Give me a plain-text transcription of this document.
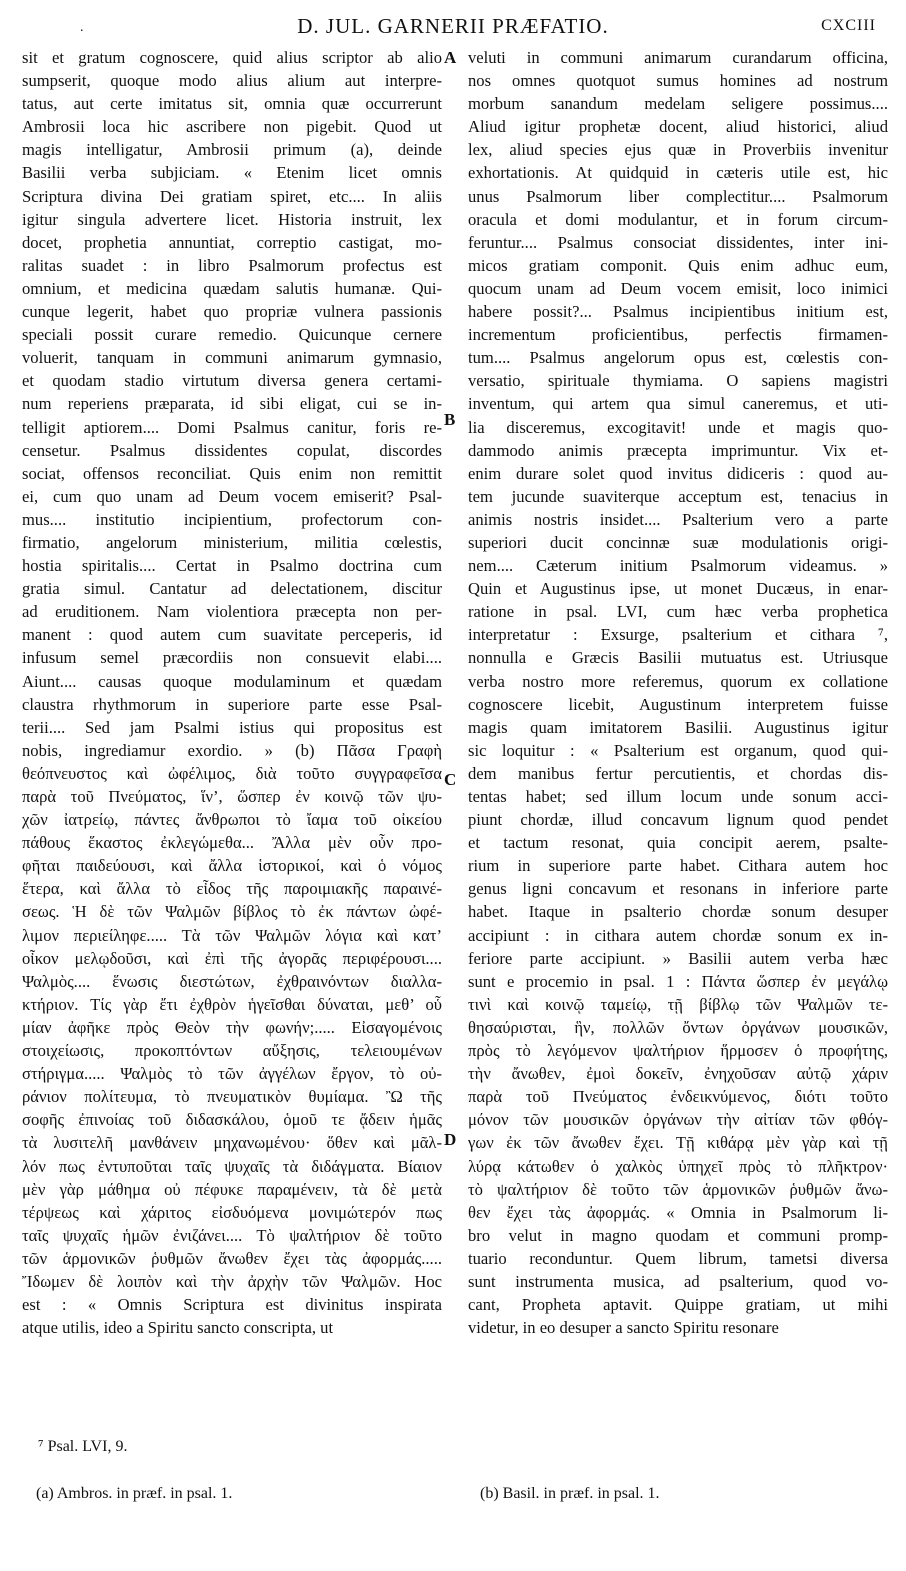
.	D. JUL. GARNERII PRÆFATIO.	CXCIII
sit et gratum cognoscere, quid alius scriptor ab alio
sumpserit, quoque modo alius alium aut interpre-
tatus, aut certe imitatus sit, omnia quæ occurrerunt
Ambrosii loca hic ascribere non pigebit. Quod ut
magis intelligatur, Ambrosii primum (a), deinde
Basilii verba subjiciam. « Etenim licet omnis
Scriptura divina Dei gratiam spiret, etc.... In aliis
igitur singula advertere licet. Historia instruit, lex
docet, prophetia annuntiat, correptio castigat, mo-
ralitas suadet : in libro Psalmorum profectus est
omnium, et medicina quædam salutis humanæ. Qui-
cunque legerit, habet quo propriæ vulnera passionis
speciali possit curare remedio. Quicunque cernere
voluerit, tanquam in communi animarum gymnasio,
et quodam stadio virtutum diversa genera certami-
num reperiens præparata, id sibi eligat, cui se in-
telligit aptiorem.... Domi Psalmus canitur, foris re-
censetur. Psalmus dissidentes copulat, discordes
sociat, offensos reconciliat. Quis enim non remittit
ei, cum quo unam ad Deum vocem emiserit? Psal-
mus.... institutio incipientium, profectorum con-
firmatio, angelorum ministerium, militia cœlestis,
hostia spiritalis.... Certat in Psalmo doctrina cum
gratia simul. Cantatur ad delectationem, discitur
ad eruditionem. Nam violentiora præcepta non per-
manent : quod autem cum suavitate perceperis, id
infusum semel præcordiis non consuevit elabi....
Aiunt.... causas quoque modulaminum et quædam
claustra rhythmorum in superiore parte esse Psal-
terii.... Sed jam Psalmi istius qui propositus est
nobis, ingrediamur exordio. » (b) Πᾶσα Γραφὴ
θεόπνευστος καὶ ὠφέλιμος, διὰ τοῦτο συγγραφεῖσα
παρὰ τοῦ Πνεύματος, ἵν’, ὥσπερ ἐν κοινῷ τῶν ψυ-
χῶν ἰατρείῳ, πάντες ἄνθρωποι τὸ ἴαμα τοῦ οἰκείου
πάθους ἕκαστος ἐκλεγώμεθα... Ἄλλα μὲν οὖν προ-
φῆται παιδεύουσι, καὶ ἄλλα ἱστορικοί, καὶ ὁ νόμος
ἕτερα, καὶ ἄλλα τὸ εἶδος τῆς παροιμιακῆς παραινέ-
σεως. Ἡ δὲ τῶν Ψαλμῶν βίβλος τὸ ἐκ πάντων ὠφέ-
λιμον περιείληφε..... Τὰ τῶν Ψαλμῶν λόγια καὶ κατ’
οἶκον μελῳδοῦσι, καὶ ἐπὶ τῆς ἀγορᾶς περιφέρουσι....
Ψαλμὸς.... ἕνωσις διεστώτων, ἐχθραινόντων διαλλα-
κτήριον. Τίς γὰρ ἔτι ἐχθρὸν ἡγεῖσθαι δύναται, μεθ’ οὗ
μίαν ἀφῆκε πρὸς Θεὸν τὴν φωνήν;..... Εἰσαγομένοις
στοιχείωσις, προκοπτόντων αὔξησις, τελειουμένων
στήριγμα..... Ψαλμὸς τὸ τῶν ἀγγέλων ἔργον, τὸ οὐ-
ράνιον πολίτευμα, τὸ πνευματικὸν θυμίαμα. Ὢ τῆς
σοφῆς ἐπινοίας τοῦ διδασκάλου, ὁμοῦ τε ᾄδειν ἡμᾶς
τὰ λυσιτελῆ μανθάνειν μηχανωμένου· ὅθεν καὶ μᾶλ-
λόν πως ἐντυποῦται ταῖς ψυχαῖς τὰ διδάγματα. Βίαιον
μὲν γὰρ μάθημα οὐ πέφυκε παραμένειν, τὰ δὲ μετὰ
τέρψεως καὶ χάριτος εἰσδυόμενα μονιμώτερόν πως
ταῖς ψυχαῖς ἡμῶν ἐνιζάνει.... Τὸ ψαλτήριον δὲ τοῦτο
τῶν ἁρμονικῶν ῥυθμῶν ἄνωθεν ἔχει τὰς ἀφορμάς.....
Ἴδωμεν δὲ λοιπὸν καὶ τὴν ἀρχὴν τῶν Ψαλμῶν. Hoc
est : « Omnis Scriptura est divinitus inspirata
atque utilis, ideo a Spiritu sancto conscripta, ut
veluti in communi animarum curandarum officina,
nos omnes quotquot sumus homines ad nostrum
morbum sanandum medelam seligere possimus....
Aliud igitur prophetæ docent, aliud historici, aliud
lex, aliud species ejus quæ in Proverbiis invenitur
exhortationis. At quidquid in cæteris utile est, hic
unus Psalmorum liber complectitur.... Psalmorum
oracula et domi modulantur, et in forum circum-
feruntur.... Psalmus consociat dissidentes, inter ini-
micos gratiam componit. Quis enim adhuc eum,
quocum unam ad Deum vocem emisit, loco inimici
habere possit?... Psalmus incipientibus initium est,
incrementum proficientibus, perfectis firmamen-
tum.... Psalmus angelorum opus est, cœlestis con-
versatio, spirituale thymiama. O sapiens magistri
inventum, qui artem qua simul caneremus, et uti-
lia disceremus, excogitavit! unde et magis quo-
dammodo animis præcepta imprimuntur. Vix et-
enim durare solet quod invitus didiceris : quod au-
tem jucunde suaviterque acceptum est, tenacius in
animis nostris insidet.... Psalterium vero a parte
superiori ducit concinnæ suæ modulationis origi-
nem.... Cæterum initium Psalmorum videamus. »
Quin et Augustinus ipse, ut monet Ducæus, in enar-
ratione in psal. LVI, cum hæc verba prophetica
interpretatur : Exsurge, psalterium et cithara ⁷,
nonnulla e Græcis Basilii mutuatus est. Utriusque
verba nostro more referemus, quorum ex collatione
cognoscere licebit, Augustinum interpretem fuisse
magis quam imitatorem Basilii. Augustinus igitur
sic loquitur : « Psalterium est organum, quod qui-
dem manibus fertur percutientis, et chordas dis-
tentas habet; sed illum locum unde sonum acci-
piunt chordæ, illud concavum lignum quod pendet
et tactum resonat, quia concipit aerem, psalte-
rium in superiore parte habet. Cithara autem hoc
genus ligni concavum et resonans in inferiore parte
habet. Itaque in psalterio chordæ sonum desuper
accipiunt : in cithara autem chordæ sonum ex in-
feriore parte accipiunt. » Basilii autem verba hæc
sunt e procemio in psal. 1 : Πάντα ὥσπερ ἐν μεγάλῳ
τινὶ καὶ κοινῷ ταμείῳ, τῇ βίβλῳ τῶν Ψαλμῶν τε-
θησαύρισται, ἣν, πολλῶν ὄντων ὀργάνων μουσικῶν,
πρὸς τὸ λεγόμενον ψαλτήριον ἥρμοσεν ὁ προφήτης,
τὴν ἄνωθεν, ἐμοὶ δοκεῖν, ἐνηχοῦσαν αὐτῷ χάριν
παρὰ τοῦ Πνεύματος ἐνδεικνύμενος, διότι τοῦτο
μόνον τῶν μουσικῶν ὀργάνων τὴν αἰτίαν τῶν φθόγ-
γων ἐκ τῶν ἄνωθεν ἔχει. Τῇ κιθάρᾳ μὲν γὰρ καὶ τῇ
λύρᾳ κάτωθεν ὁ χαλκὸς ὑπηχεῖ πρὸς τὸ πλῆκτρον·
τὸ ψαλτήριον δὲ τοῦτο τῶν ἁρμονικῶν ῥυθμῶν ἄνω-
θεν ἔχει τὰς ἀφορμάς. « Omnia in Psalmorum li-
bro velut in magno quodam et communi promp-
tuario reconduntur. Quem librum, tametsi diversa
sunt instrumenta musica, ad psalterium, quod vo-
cant, Propheta aptavit. Quippe gratiam, ut mihi
videtur, in eo desuper a sancto Spiritu resonare
A
B
C
D
⁷ Psal. LVI, 9.
(a) Ambros. in præf. in psal. 1.	(b) Basil. in præf. in psal. 1.
